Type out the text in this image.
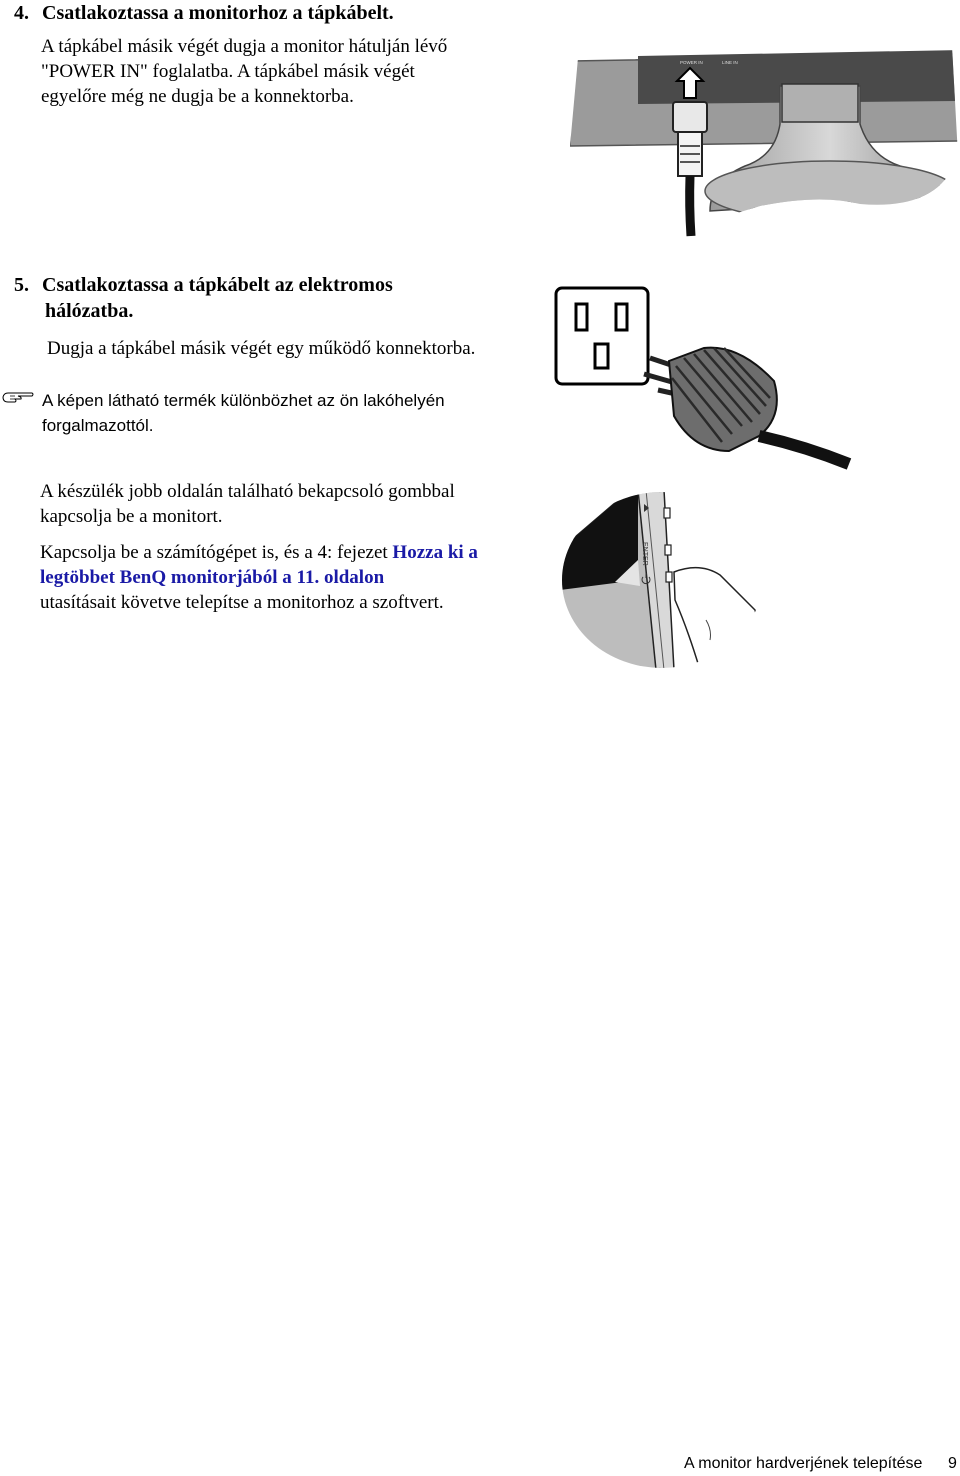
4. Csatlakoztassa a monitorhoz a tápkábelt.
A tápkábel másik végét dugja a monitor hátulján lévő
"POWER IN" foglalatba. A tápkábel másik végét
egyelőre még ne dugja be a konnektorba.
POWER IN	LINE IN
5. Csatlakoztassa a tápkábelt az elektromos
hálózatba.
Dugja a tápkábel másik végét egy működő konnektorba.
A képen látható termék különbözhet az ön lakóhelyén
forgalmazottól.
A készülék jobb oldalán található bekapcsoló gombbal
kapcsolja be a monitort.
Kapcsolja be a számítógépet is, és a 4: fejezet Hozza ki a
legtöbbet BenQ monitorjából a 11. oldalon
utasításait követve telepítse a monitorhoz a szoftvert.
ENTER
A monitor hardverjének telepítése 9
